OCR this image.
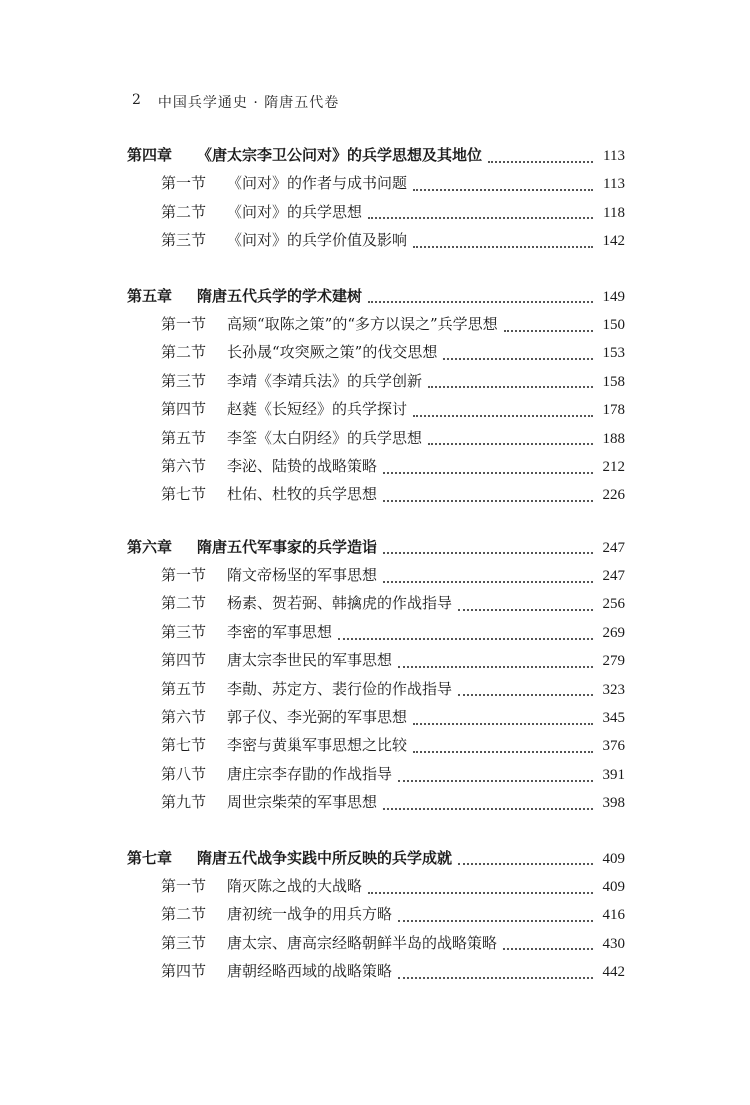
2 中国兵学通史 · 隋唐五代卷
第四章	《唐太宗李卫公问对》的兵学思想及其地位	113
第一节	《问对》的作者与成书问题	113
第二节	《问对》的兵学思想	118
第三节	《问对》的兵学价值及影响	142
第五章	隋唐五代兵学的学术建树	149
第一节	高颎“取陈之策”的“多方以误之”兵学思想	150
第二节	长孙晟“攻突厥之策”的伐交思想	153
第三节	李靖《李靖兵法》的兵学创新	158
第四节	赵蕤《长短经》的兵学探讨	178
第五节	李筌《太白阴经》的兵学思想	188
第六节	李泌、陆贽的战略策略	212
第七节	杜佑、杜牧的兵学思想	226
第六章	隋唐五代军事家的兵学造诣	247
第一节	隋文帝杨坚的军事思想	247
第二节	杨素、贺若弼、韩擒虎的作战指导	256
第三节	李密的军事思想	269
第四节	唐太宗李世民的军事思想	279
第五节	李勣、苏定方、裴行俭的作战指导	323
第六节	郭子仪、李光弼的军事思想	345
第七节	李密与黄巢军事思想之比较	376
第八节	唐庄宗李存勖的作战指导	391
第九节	周世宗柴荣的军事思想	398
第七章	隋唐五代战争实践中所反映的兵学成就	409
第一节	隋灭陈之战的大战略	409
第二节	唐初统一战争的用兵方略	416
第三节	唐太宗、唐高宗经略朝鲜半岛的战略策略	430
第四节	唐朝经略西域的战略策略	442
